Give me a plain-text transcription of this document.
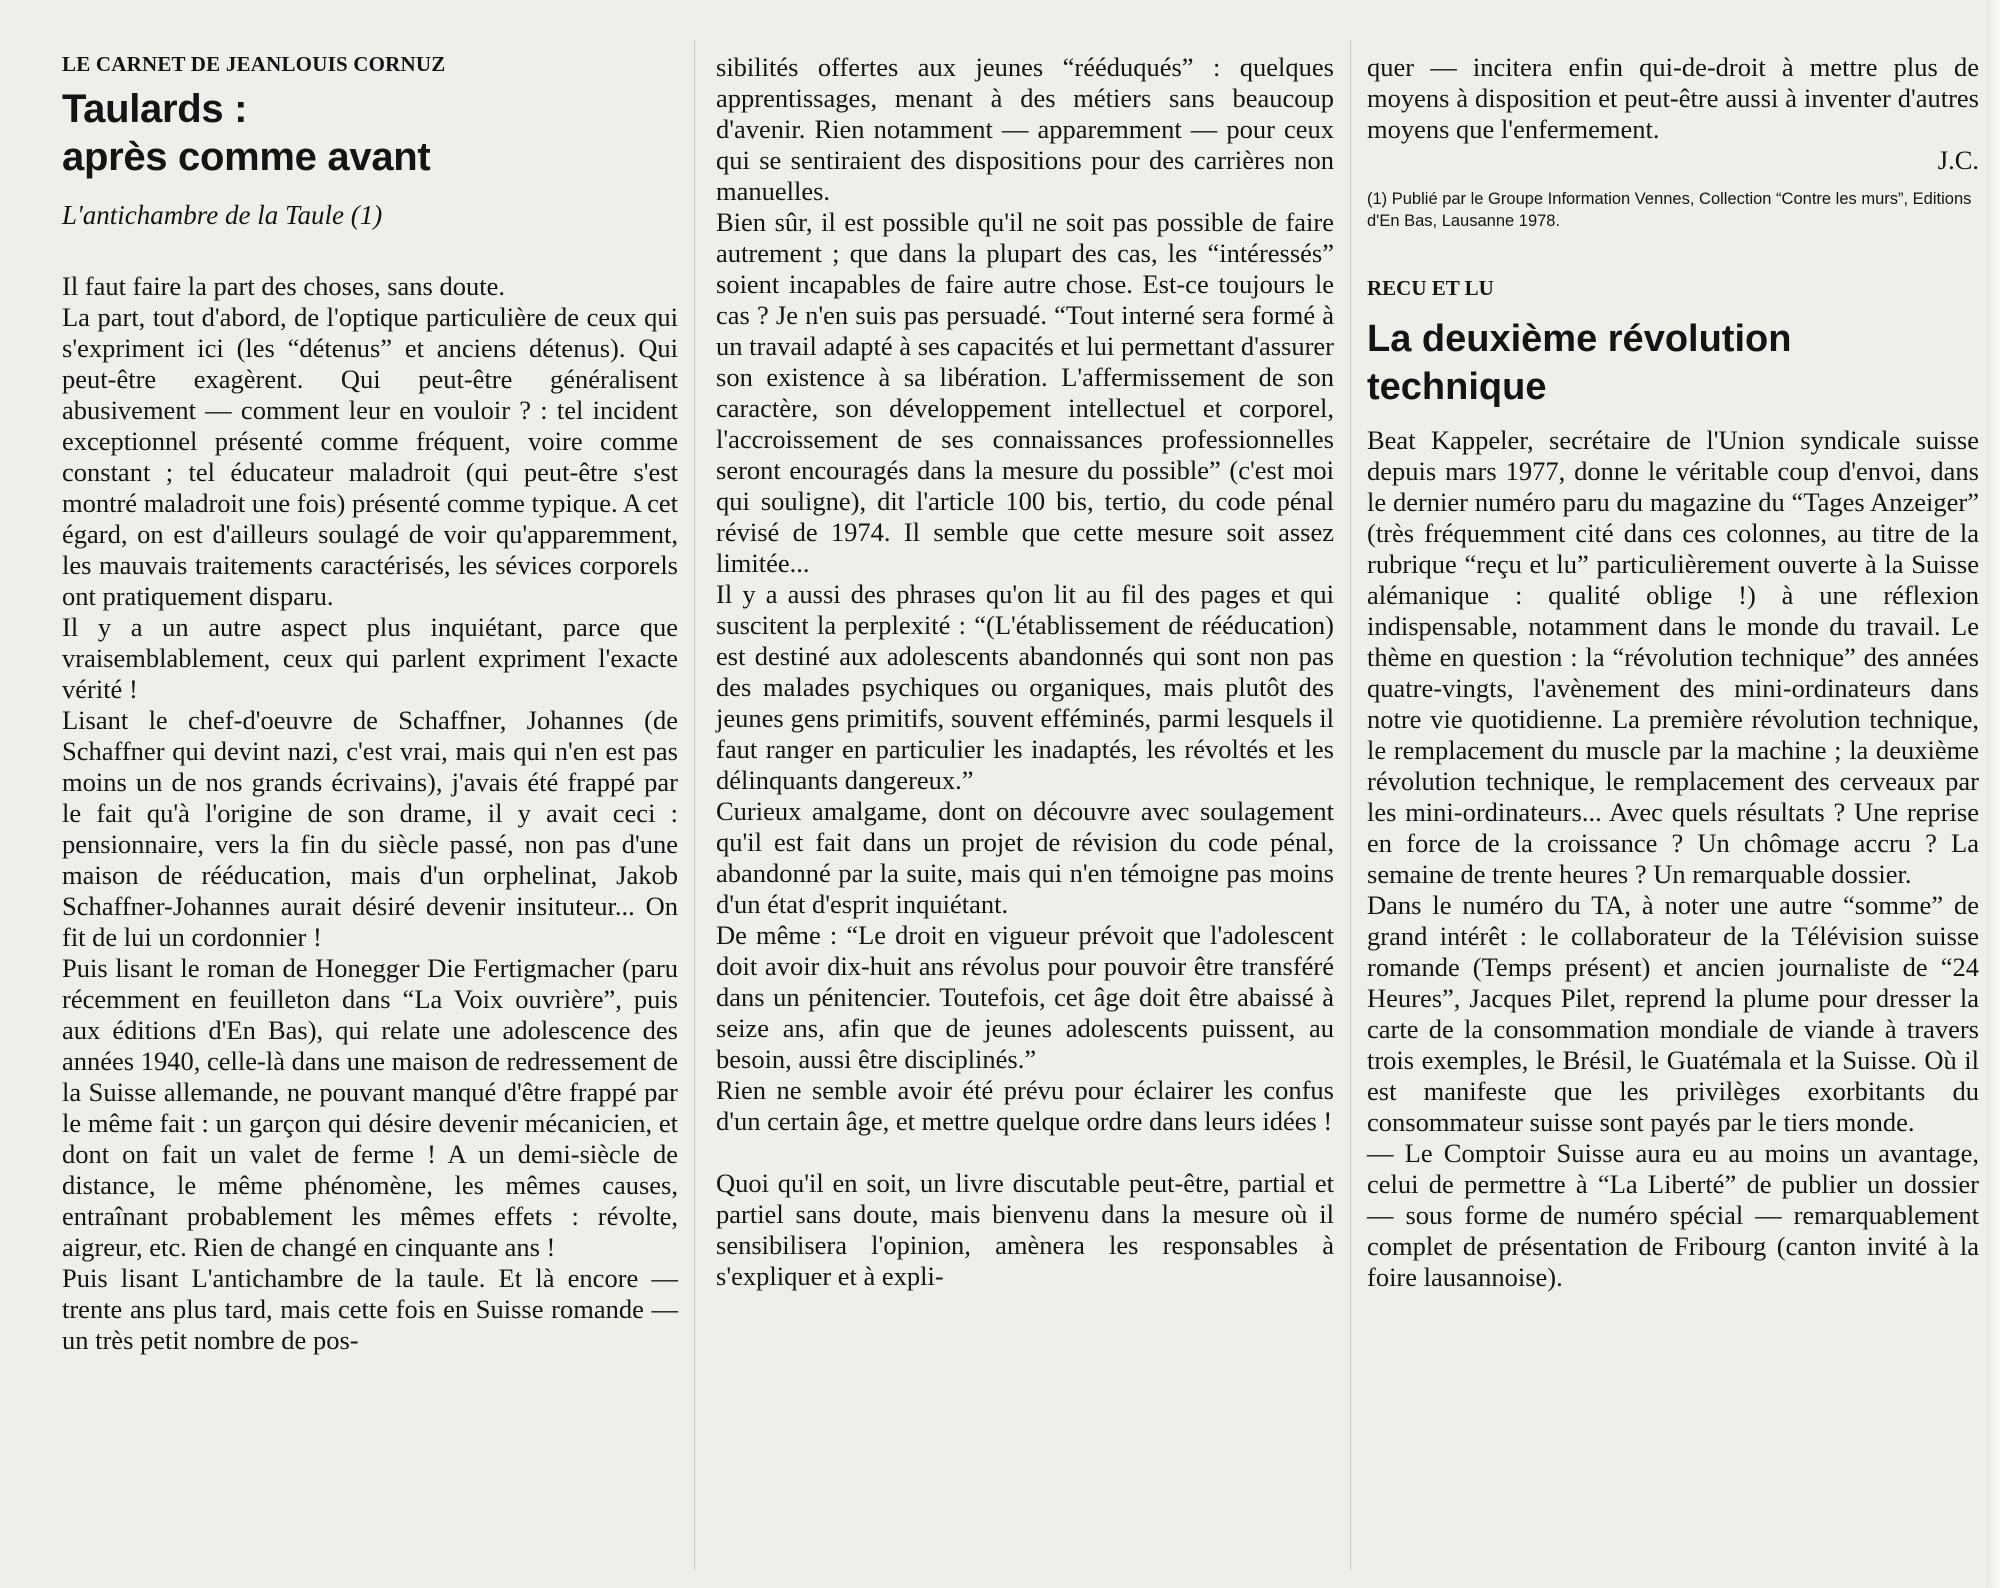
LE CARNET DE JEANLOUIS CORNUZ
Taulards :
après comme avant
L'antichambre de la Taule (1)

Il faut faire la part des choses, sans doute.

La part, tout d'abord, de l'optique particulière de ceux qui s'expriment ici (les “détenus” et anciens détenus). Qui peut-être exagèrent. Qui peut-être généralisent abusivement — comment leur en vouloir ? : tel incident exceptionnel présenté comme fréquent, voire comme constant ; tel éducateur maladroit (qui peut-être s'est montré maladroit une fois) présenté comme typique. A cet égard, on est d'ailleurs soulagé de voir qu'apparemment, les mauvais traitements caractérisés, les sévices corporels ont pratiquement disparu.

Il y a un autre aspect plus inquiétant, parce que vraisemblablement, ceux qui parlent expriment l'exacte vérité !

Lisant le chef-d'oeuvre de Schaffner, Johannes (de Schaffner qui devint nazi, c'est vrai, mais qui n'en est pas moins un de nos grands écrivains), j'avais été frappé par le fait qu'à l'origine de son drame, il y avait ceci : pensionnaire, vers la fin du siècle passé, non pas d'une maison de rééducation, mais d'un orphelinat, Jakob Schaffner-Johannes aurait désiré devenir insituteur... On fit de lui un cordonnier !

Puis lisant le roman de Honegger Die Fertigmacher (paru récemment en feuilleton dans “La Voix ouvrière”, puis aux éditions d'En Bas), qui relate une adolescence des années 1940, celle-là dans une maison de redressement de la Suisse allemande, ne pouvant manqué d'être frappé par le même fait : un garçon qui désire devenir mécanicien, et dont on fait un valet de ferme ! A un demi-siècle de distance, le même phénomène, les mêmes causes, entraînant probablement les mêmes effets : révolte, aigreur, etc. Rien de changé en cinquante ans !

Puis lisant L'antichambre de la taule. Et là encore — trente ans plus tard, mais cette fois en Suisse romande — un très petit nombre de pos-

sibilités offertes aux jeunes “rééduqués” : quelques apprentissages, menant à des métiers sans beaucoup d'avenir. Rien notamment — apparemment — pour ceux qui se sentiraient des dispositions pour des carrières non manuelles.

Bien sûr, il est possible qu'il ne soit pas possible de faire autrement ; que dans la plupart des cas, les “intéressés” soient incapables de faire autre chose. Est-ce toujours le cas ? Je n'en suis pas persuadé. “Tout interné sera formé à un travail adapté à ses capacités et lui permettant d'assurer son existence à sa libération. L'affermissement de son caractère, son développement intellectuel et corporel, l'accroissement de ses connaissances professionnelles seront encouragés dans la mesure du possible” (c'est moi qui souligne), dit l'article 100 bis, tertio, du code pénal révisé de 1974. Il semble que cette mesure soit assez limitée...

Il y a aussi des phrases qu'on lit au fil des pages et qui suscitent la perplexité : “(L'établissement de rééducation) est destiné aux adolescents abandonnés qui sont non pas des malades psychiques ou organiques, mais plutôt des jeunes gens primitifs, souvent efféminés, parmi lesquels il faut ranger en particulier les inadaptés, les révoltés et les délinquants dangereux.”

Curieux amalgame, dont on découvre avec soulagement qu'il est fait dans un projet de révision du code pénal, abandonné par la suite, mais qui n'en témoigne pas moins d'un état d'esprit inquiétant.

De même : “Le droit en vigueur prévoit que l'adolescent doit avoir dix-huit ans révolus pour pouvoir être transféré dans un pénitencier. Toutefois, cet âge doit être abaissé à seize ans, afin que de jeunes adolescents puissent, au besoin, aussi être disciplinés.”

Rien ne semble avoir été prévu pour éclairer les confus d'un certain âge, et mettre quelque ordre dans leurs idées !

Quoi qu'il en soit, un livre discutable peut-être, partial et partiel sans doute, mais bienvenu dans la mesure où il sensibilisera l'opinion, amènera les responsables à s'expliquer et à expli-

quer — incitera enfin qui-de-droit à mettre plus de moyens à disposition et peut-être aussi à inventer d'autres moyens que l'enfermement.

J.C.
(1) Publié par le Groupe Information Vennes, Collection “Contre les murs”, Editions d'En Bas, Lausanne 1978.
RECU ET LU
La deuxième révolution
technique

Beat Kappeler, secrétaire de l'Union syndicale suisse depuis mars 1977, donne le véritable coup d'envoi, dans le dernier numéro paru du magazine du “Tages Anzeiger” (très fréquemment cité dans ces colonnes, au titre de la rubrique “reçu et lu” particulièrement ouverte à la Suisse alémanique : qualité oblige !) à une réflexion indispensable, notamment dans le monde du travail. Le thème en question : la “révolution technique” des années quatre-vingts, l'avènement des mini-ordinateurs dans notre vie quotidienne. La première révolution technique, le remplacement du muscle par la machine ; la deuxième révolution technique, le remplacement des cerveaux par les mini-ordinateurs... Avec quels résultats ? Une reprise en force de la croissance ? Un chômage accru ? La semaine de trente heures ? Un remarquable dossier.

Dans le numéro du TA, à noter une autre “somme” de grand intérêt : le collaborateur de la Télévision suisse romande (Temps présent) et ancien journaliste de “24 Heures”, Jacques Pilet, reprend la plume pour dresser la carte de la consommation mondiale de viande à travers trois exemples, le Brésil, le Guatémala et la Suisse. Où il est manifeste que les privilèges exorbitants du consommateur suisse sont payés par le tiers monde.

— Le Comptoir Suisse aura eu au moins un avantage, celui de permettre à “La Liberté” de publier un dossier — sous forme de numéro spécial — remarquablement complet de présentation de Fribourg (canton invité à la foire lausannoise).
